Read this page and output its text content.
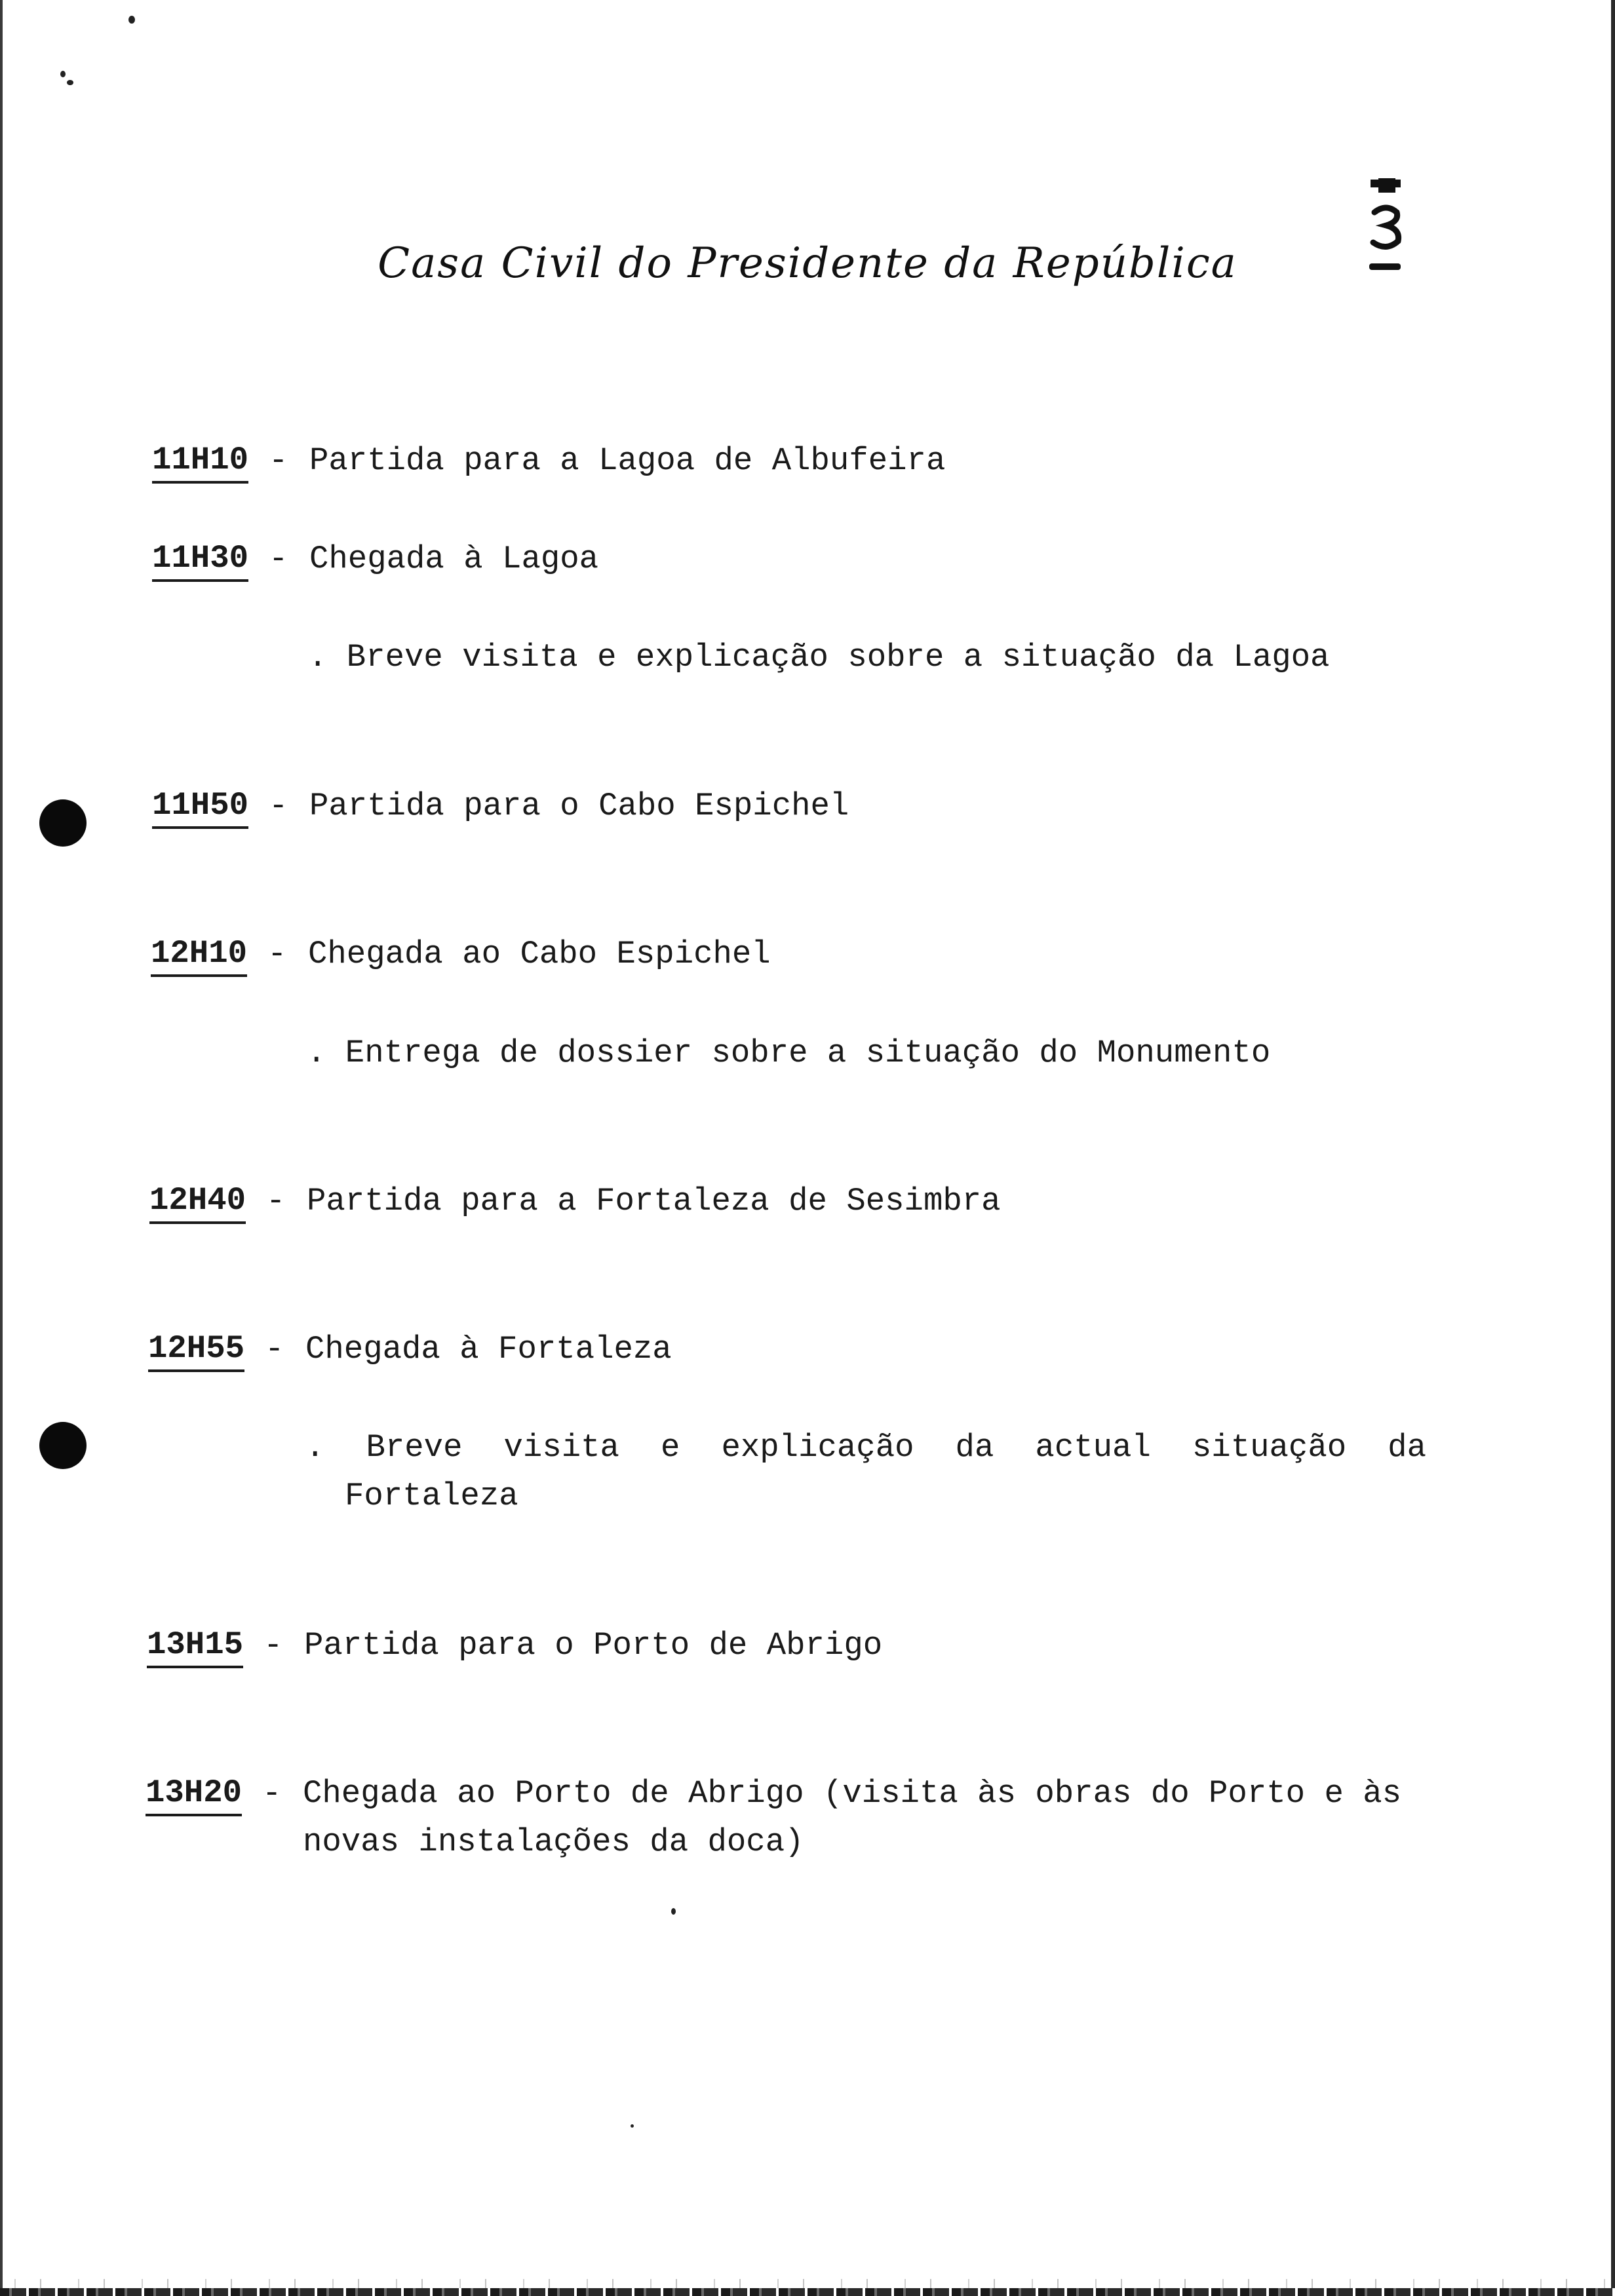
Casa Civil do Presidente da República	13
11H10 - Partida para a Lagoa de Albufeira
11H30 - Chegada à Lagoa
. Breve visita e explicação sobre a situação da Lagoa
11H50 - Partida para o Cabo Espichel
12H10 - Chegada ao Cabo Espichel
. Entrega de dossier sobre a situação do Monumento
12H40 - Partida para a Fortaleza de Sesimbra
12H55 - Chegada à Fortaleza
. Breve visita e explicação da actual situação da
Fortaleza
13H15 - Partida para o Porto de Abrigo
13H20 - Chegada ao Porto de Abrigo (visita às obras do Porto e às
novas instalações da doca)
